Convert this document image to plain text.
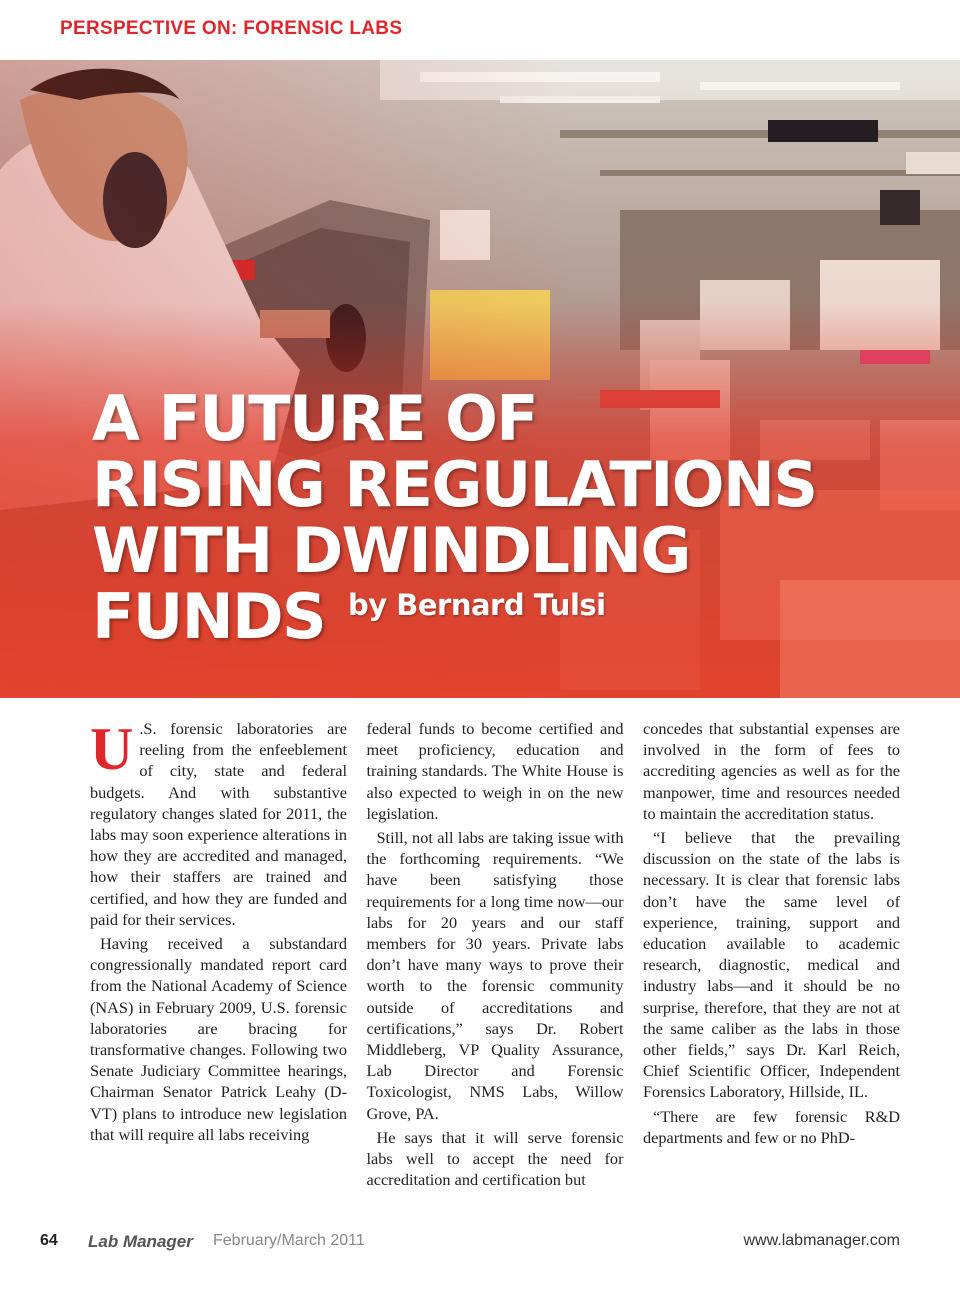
PERSPECTIVE ON: FORENSIC LABS
A FUTURE OF
RISING REGULATIONS
WITH DWINDLING
FUNDS by Bernard Tulsi

U .S. forensic laboratories are reeling from the enfeeblement of city, state and federal budgets. And with substantive regulatory changes slated for 2011, the labs may soon experience alterations in how they are accredited and managed, how their staffers are trained and certified, and how they are funded and paid for their services.

Having received a substandard congressionally mandated report card from the National Academy of Science (NAS) in February 2009, U.S. forensic laboratories are bracing for transformative changes. Following two Senate Judiciary Committee hearings, Chairman Senator Patrick Leahy (D-VT) plans to introduce new legislation that will require all labs receiving

federal funds to become certified and meet proficiency, education and training standards. The White House is also expected to weigh in on the new legislation.

Still, not all labs are taking issue with the forthcoming requirements. “We have been satisfying those requirements for a long time now—our labs for 20 years and our staff members for 30 years. Private labs don’t have many ways to prove their worth to the forensic community outside of accreditations and certifications,” says Dr. Robert Middleberg, VP Quality Assurance, Lab Director and Forensic Toxicologist, NMS Labs, Willow Grove, PA.

He says that it will serve forensic labs well to accept the need for accreditation and certification but

concedes that substantial expenses are involved in the form of fees to accrediting agencies as well as for the manpower, time and resources needed to maintain the accreditation status.

“I believe that the prevailing discussion on the state of the labs is necessary. It is clear that forensic labs don’t have the same level of experience, training, support and education available to academic research, diagnostic, medical and industry labs—and it should be no surprise, therefore, that they are not at the same caliber as the labs in those other fields,” says Dr. Karl Reich, Chief Scientific Officer, Independent Forensics Laboratory, Hillside, IL.

“There are few forensic R&D departments and few or no PhD-

64 Lab Manager February/March 2011	www.labmanager.com
